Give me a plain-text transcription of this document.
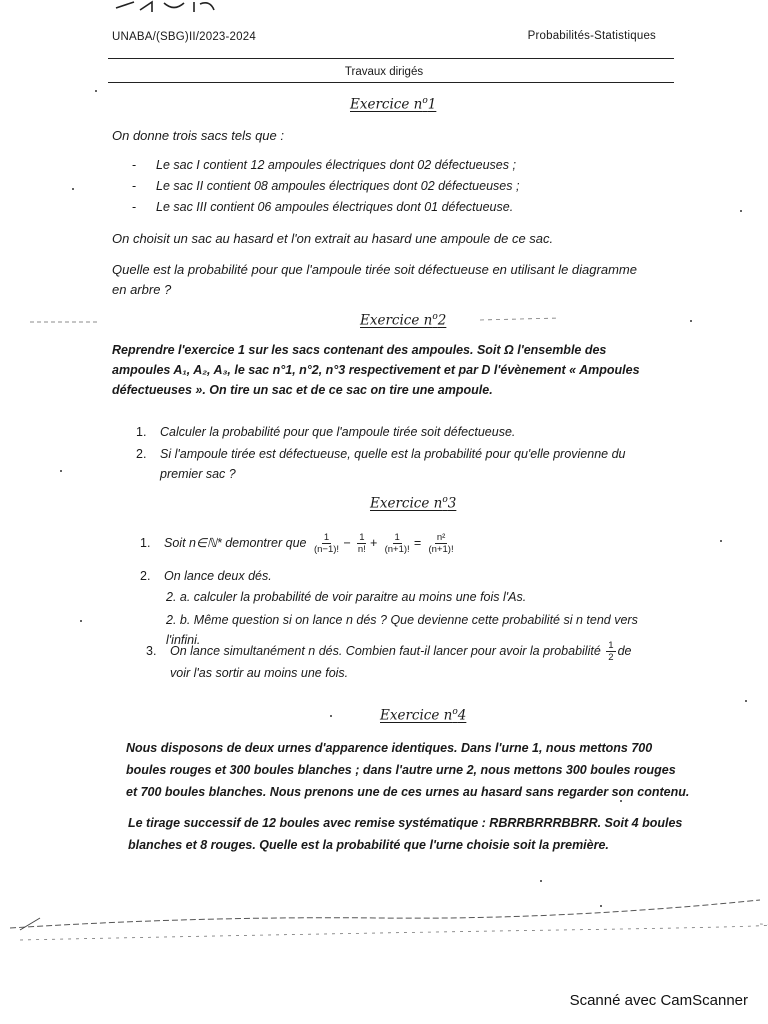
UNABA/(SBG)II/2023-2024	Probabilités-Statistiques
Travaux dirigés
Exercice $n^o1$
On donne trois sacs tels que :
- Le sac I contient 12 ampoules électriques dont 02 défectueuses ;
- Le sac II contient 08 ampoules électriques dont 02 défectueuses ;
- Le sac III contient 06 ampoules électriques dont 01 défectueuse.
On choisit un sac au hasard et l'on extrait au hasard une ampoule de ce sac.
Quelle est la probabilité pour que l'ampoule tirée soit défectueuse en utilisant le diagramme
en arbre ?
Exercice $n^o2$
Reprendre l'exercice 1 sur les sacs contenant des ampoules. Soit Ω l'ensemble des
ampoules A₁, A₂, A₃, le sac n°1, n°2, n°3 respectivement et par D l'évènement « Ampoules
défectueuses ». On tire un sac et de ce sac on tire une ampoule.
1. Calculer la probabilité pour que l'ampoule tirée soit défectueuse.
2. Si l'ampoule tirée est défectueuse, quelle est la probabilité pour qu'elle provienne du
premier sac ?
Exercice $n^o3$
1. Soit n∈ℕ* demontrer que $\frac{1}{(n-1)!} - \frac{1}{n!} + \frac{1}{(n+1)!} = \frac{\text{n²}}{(n+1)!}$
2. On lance deux dés.
2. a. calculer la probabilité de voir paraitre au moins une fois l'As.
2. b. Même question si on lance n dés ? Que devienne cette probabilité si n tend vers
l'infini.
3. On lance simultanément n dés. Combien faut-il lancer pour avoir la probabilité $\frac{1}{2}$ de
voir l'as sortir au moins une fois.
Exercice $n^o4$
Nous disposons de deux urnes d'apparence identiques. Dans l'urne 1, nous mettons 700
boules rouges et 300 boules blanches ; dans l'autre urne 2, nous mettons 300 boules rouges
et 700 boules blanches. Nous prenons une de ces urnes au hasard sans regarder son contenu.
Le tirage successif de 12 boules avec remise systématique : RBRRBRRRBBRR. Soit 4 boules
blanches et 8 rouges. Quelle est la probabilité que l'urne choisie soit la première.
Scanné avec CamScanner
